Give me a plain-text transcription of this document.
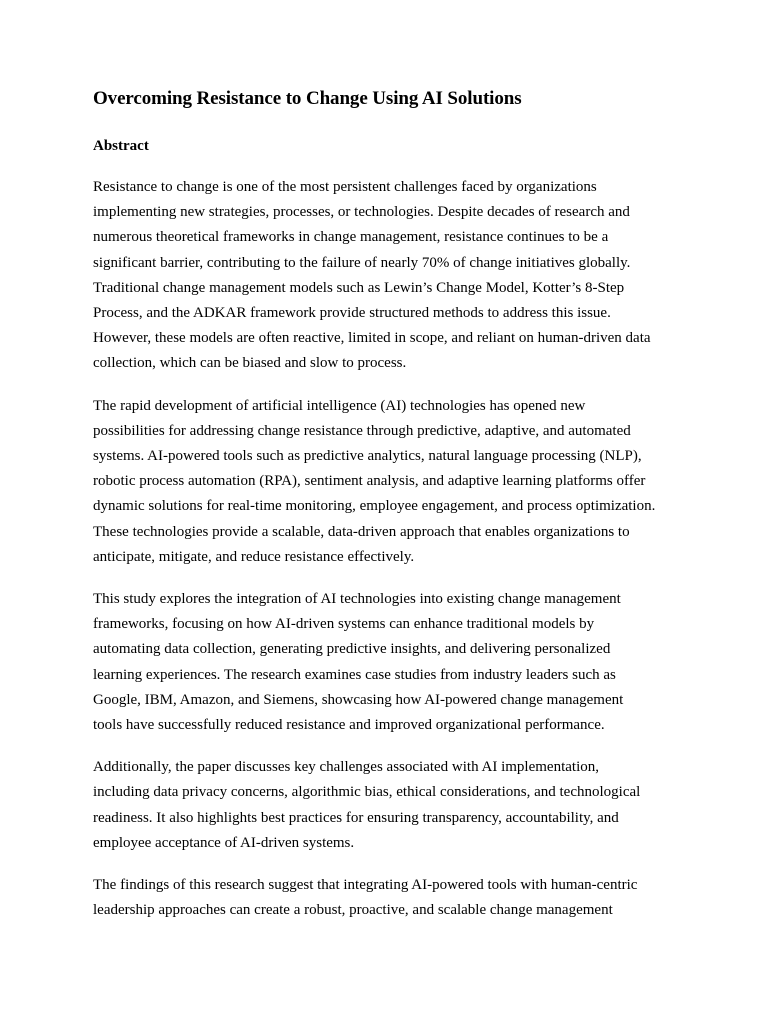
Overcoming Resistance to Change Using AI Solutions
Abstract

Resistance to change is one of the most persistent challenges faced by organizations
implementing new strategies, processes, or technologies. Despite decades of research and
numerous theoretical frameworks in change management, resistance continues to be a
significant barrier, contributing to the failure of nearly 70% of change initiatives globally.
Traditional change management models such as Lewin’s Change Model, Kotter’s 8-Step
Process, and the ADKAR framework provide structured methods to address this issue.
However, these models are often reactive, limited in scope, and reliant on human-driven data
collection, which can be biased and slow to process.

The rapid development of artificial intelligence (AI) technologies has opened new
possibilities for addressing change resistance through predictive, adaptive, and automated
systems. AI-powered tools such as predictive analytics, natural language processing (NLP),
robotic process automation (RPA), sentiment analysis, and adaptive learning platforms offer
dynamic solutions for real-time monitoring, employee engagement, and process optimization.
These technologies provide a scalable, data-driven approach that enables organizations to
anticipate, mitigate, and reduce resistance effectively.

This study explores the integration of AI technologies into existing change management
frameworks, focusing on how AI-driven systems can enhance traditional models by
automating data collection, generating predictive insights, and delivering personalized
learning experiences. The research examines case studies from industry leaders such as
Google, IBM, Amazon, and Siemens, showcasing how AI-powered change management
tools have successfully reduced resistance and improved organizational performance.

Additionally, the paper discusses key challenges associated with AI implementation,
including data privacy concerns, algorithmic bias, ethical considerations, and technological
readiness. It also highlights best practices for ensuring transparency, accountability, and
employee acceptance of AI-driven systems.

The findings of this research suggest that integrating AI-powered tools with human-centric
leadership approaches can create a robust, proactive, and scalable change management
